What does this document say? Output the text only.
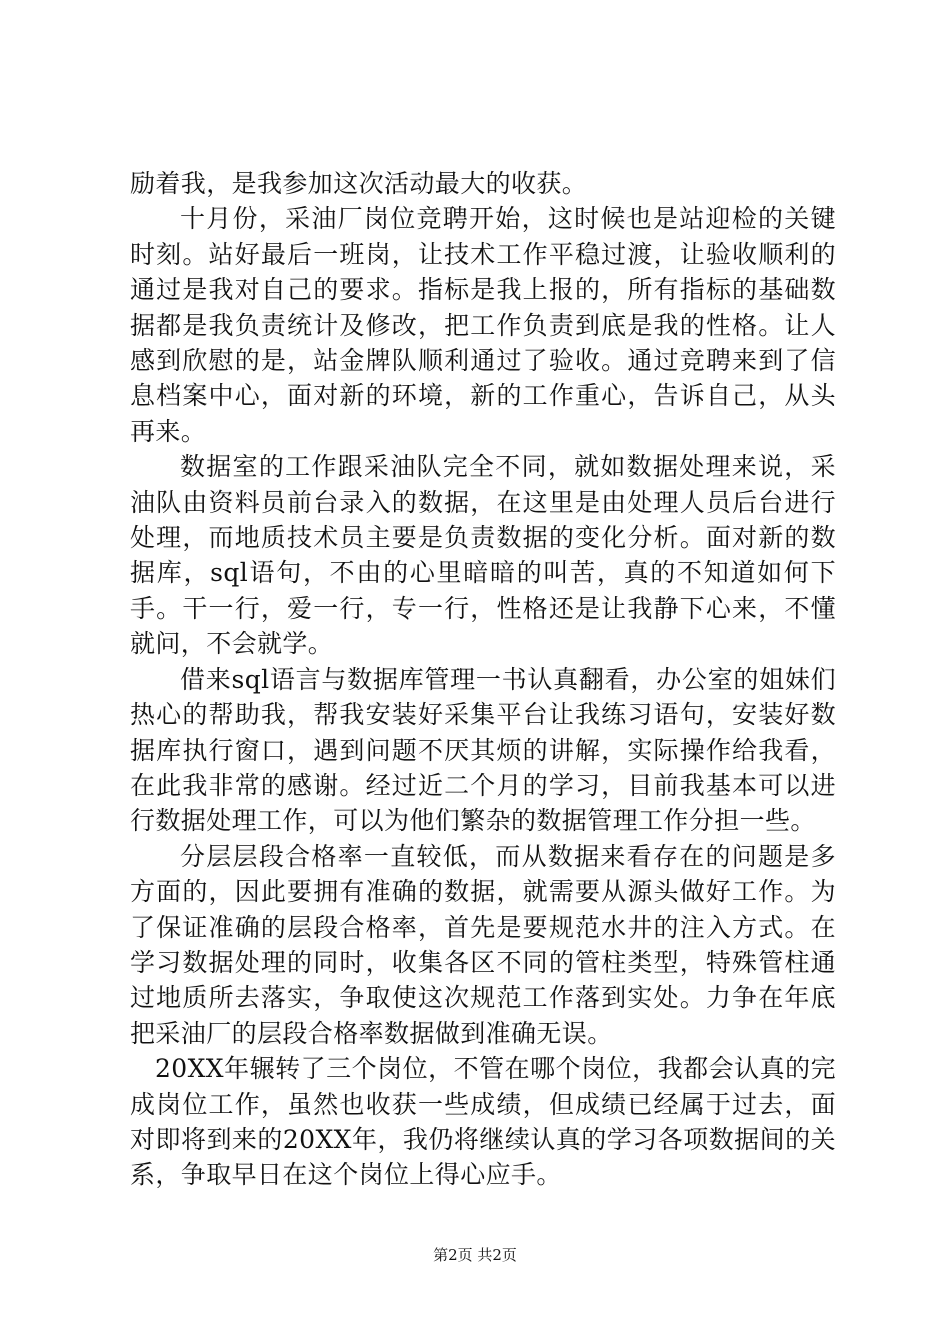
励着我，是我参加这次活动最大的收获。

十月份，采油厂岗位竞聘开始，这时候也是站迎检的关键时刻。站好最后一班岗，让技术工作平稳过渡，让验收顺利的通过是我对自己的要求。指标是我上报的，所有指标的基础数据都是我负责统计及修改，把工作负责到底是我的性格。让人感到欣慰的是，站金牌队顺利通过了验收。通过竞聘来到了信息档案中心，面对新的环境，新的工作重心，告诉自己，从头再来。

数据室的工作跟采油队完全不同，就如数据处理来说，采油队由资料员前台录入的数据，在这里是由处理人员后台进行处理，而地质技术员主要是负责数据的变化分析。面对新的数据库，sql语句，不由的心里暗暗的叫苦，真的不知道如何下手。干一行，爱一行，专一行，性格还是让我静下心来，不懂就问，不会就学。

借来sql语言与数据库管理一书认真翻看，办公室的姐妹们热心的帮助我，帮我安装好采集平台让我练习语句，安装好数据库执行窗口，遇到问题不厌其烦的讲解，实际操作给我看，在此我非常的感谢。经过近二个月的学习，目前我基本可以进行数据处理工作，可以为他们繁杂的数据管理工作分担一些。

分层层段合格率一直较低，而从数据来看存在的问题是多方面的，因此要拥有准确的数据，就需要从源头做好工作。为了保证准确的层段合格率，首先是要规范水井的注入方式。在学习数据处理的同时，收集各区不同的管柱类型，特殊管柱通过地质所去落实，争取使这次规范工作落到实处。力争在年底把采油厂的层段合格率数据做到准确无误。

20XX年辗转了三个岗位，不管在哪个岗位，我都会认真的完成岗位工作，虽然也收获一些成绩，但成绩已经属于过去，面对即将到来的20XX年，我仍将继续认真的学习各项数据间的关系，争取早日在这个岗位上得心应手。

第2页 共2页
